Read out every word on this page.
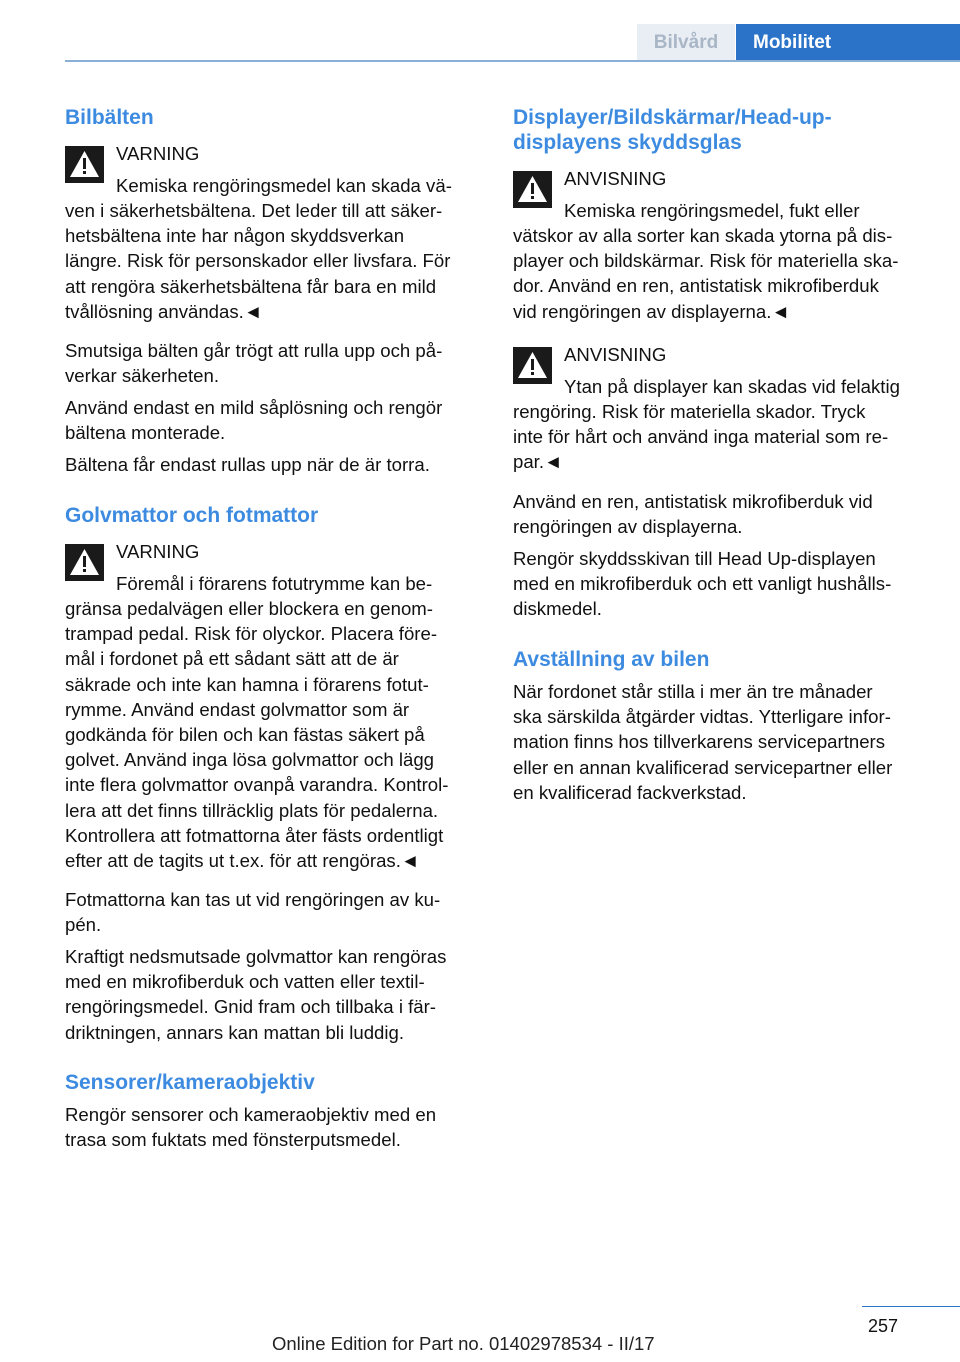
Bilvård	Mobilitet
Bilbälten
VARNING
Kemiska rengöringsmedel kan skada vä-
ven i säkerhetsbältena. Det leder till att säker-
hetsbältena inte har någon skyddsverkan
längre. Risk för personskador eller livsfara. För
att rengöra säkerhetsbältena får bara en mild
tvållösning användas.◄
Smutsiga bälten går trögt att rulla upp och på-
verkar säkerheten.
Använd endast en mild såplösning och rengör
bältena monterade.
Bältena får endast rullas upp när de är torra.
Golvmattor och fotmattor
VARNING
Föremål i förarens fotutrymme kan be-
gränsa pedalvägen eller blockera en genom-
trampad pedal. Risk för olyckor. Placera före-
mål i fordonet på ett sådant sätt att de är
säkrade och inte kan hamna i förarens fotut-
rymme. Använd endast golvmattor som är
godkända för bilen och kan fästas säkert på
golvet. Använd inga lösa golvmattor och lägg
inte flera golvmattor ovanpå varandra. Kontrol-
lera att det finns tillräcklig plats för pedalerna.
Kontrollera att fotmattorna åter fästs ordentligt
efter att de tagits ut t.ex. för att rengöras.◄
Fotmattorna kan tas ut vid rengöringen av ku-
pén.
Kraftigt nedsmutsade golvmattor kan rengöras
med en mikrofiberduk och vatten eller textil-
rengöringsmedel. Gnid fram och tillbaka i fär-
driktningen, annars kan mattan bli luddig.
Sensorer/kameraobjektiv
Rengör sensorer och kameraobjektiv med en
trasa som fuktats med fönsterputsmedel.
Displayer/Bildskärmar/Head-up-
displayens skyddsglas
ANVISNING
Kemiska rengöringsmedel, fukt eller
vätskor av alla sorter kan skada ytorna på dis-
player och bildskärmar. Risk för materiella ska-
dor. Använd en ren, antistatisk mikrofiberduk
vid rengöringen av displayerna.◄
ANVISNING
Ytan på displayer kan skadas vid felaktig
rengöring. Risk för materiella skador. Tryck
inte för hårt och använd inga material som re-
par.◄
Använd en ren, antistatisk mikrofiberduk vid
rengöringen av displayerna.
Rengör skyddsskivan till Head Up-displayen
med en mikrofiberduk och ett vanligt hushålls-
diskmedel.
Avställning av bilen
När fordonet står stilla i mer än tre månader
ska särskilda åtgärder vidtas. Ytterligare infor-
mation finns hos tillverkarens servicepartners
eller en annan kvalificerad servicepartner eller
en kvalificerad fackverkstad.
257
Online Edition for Part no. 01402978534 - II/17
